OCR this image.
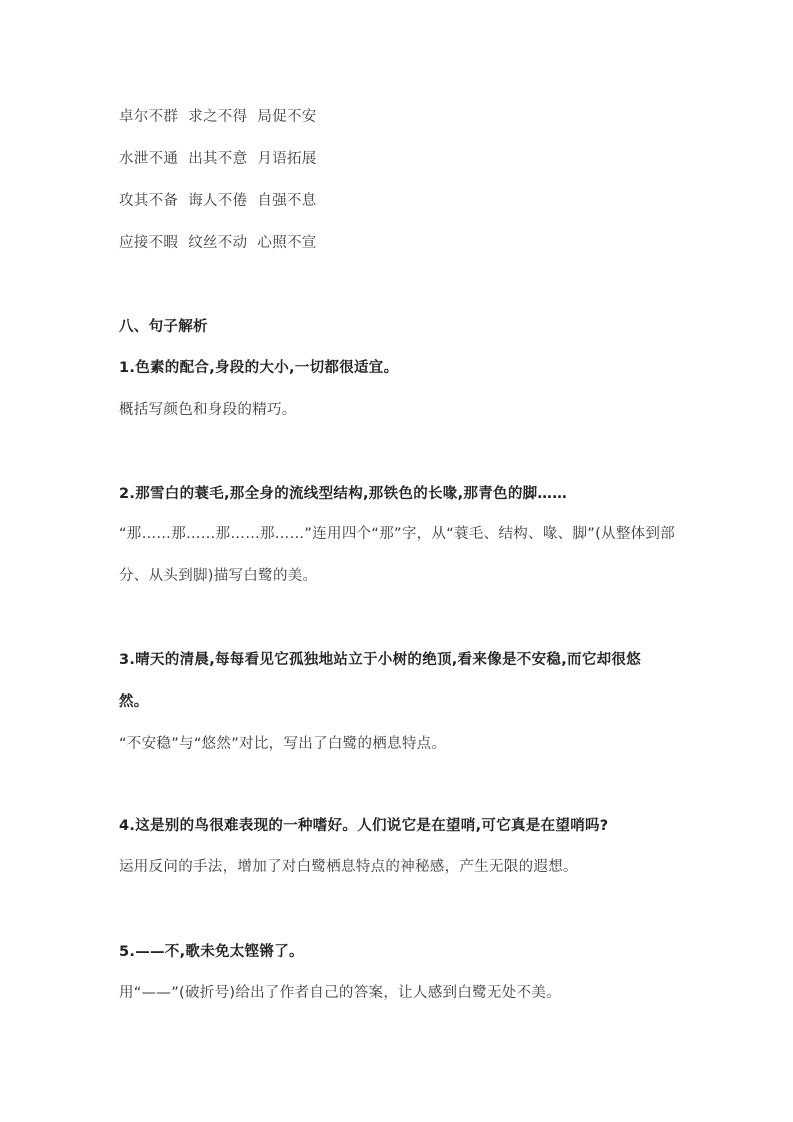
卓尔不群 求之不得 局促不安
水泄不通 出其不意 月语拓展
攻其不备 诲人不倦 自强不息
应接不暇 纹丝不动 心照不宣
八、句子解析
1.色素的配合,身段的大小,一切都很适宜。
概括写颜色和身段的精巧。
2.那雪白的蓑毛,那全身的流线型结构,那铁色的长喙,那青色的脚……
“那……那……那……那……”连用四个“那”字，从“蓑毛、结构、喙、脚”(从整体到部
分、从头到脚)描写白鹭的美。
3.晴天的清晨,每每看见它孤独地站立于小树的绝顶,看来像是不安稳,而它却很悠
然。
“不安稳”与“悠然”对比，写出了白鹭的栖息特点。
4.这是别的鸟很难表现的一种嗜好。人们说它是在望哨,可它真是在望哨吗?
运用反问的手法，增加了对白鹭栖息特点的神秘感，产生无限的遐想。
5.——不,歌未免太铿锵了。
用“——”(破折号)给出了作者自己的答案，让人感到白鹭无处不美。
